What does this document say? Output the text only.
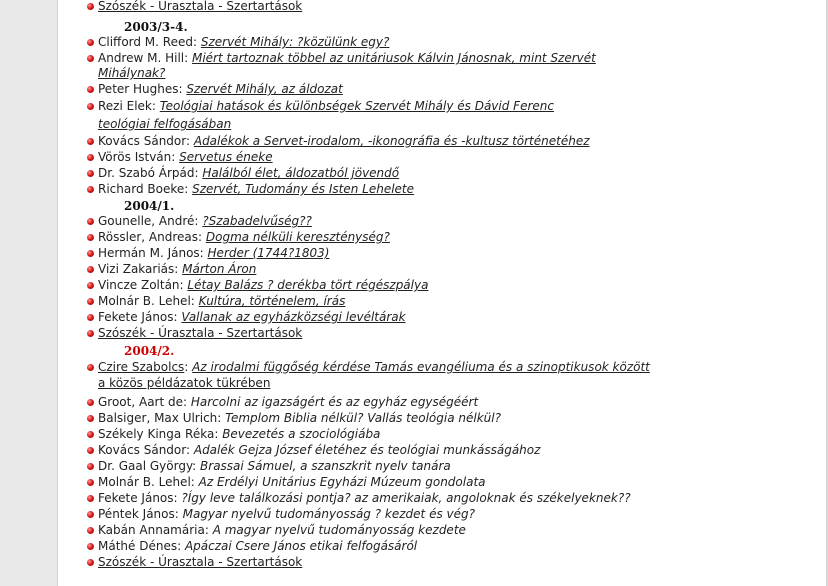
Szószék - Úrasztala - Szertartások
2003/3-4.
Clifford M. Reed: Szervét Mihály: ?közülünk egy?
Andrew M. Hill: Miért tartoznak többel az unitáriusok Kálvin Jánosnak, mint Szervét
Mihálynak?
Peter Hughes: Szervét Mihály, az áldozat
Rezi Elek: Teológiai hatások és különbségek Szervét Mihály és Dávid Ferenc
teológiai felfogásában
Kovács Sándor: Adalékok a Servet-irodalom, -ikonográfia és -kultusz történetéhez
Vörös István: Servetus éneke
Dr. Szabó Árpád: Halálból élet, áldozatból jövendő
Richard Boeke: Szervét, Tudomány és Isten Lehelete
2004/1.
Gounelle, André: ?Szabadelvűség??
Rössler, Andreas: Dogma nélküli kereszténység?
Hermán M. János: Herder (1744?1803)
Vizi Zakariás: Márton Áron
Vincze Zoltán: Létay Balázs ? derékba tört régészpálya
Molnár B. Lehel: Kultúra, történelem, írás
Fekete János: Vallanak az egyházközségi levéltárak
Szószék - Úrasztala - Szertartások
2004/2.
Czire Szabolcs: Az irodalmi függőség kérdése Tamás evangéliuma és a szinoptikusok között
a közös példázatok tükrében
Groot, Aart de: Harcolni az igazságért és az egyház egységéért
Balsiger, Max Ulrich: Templom Biblia nélkül? Vallás teológia nélkül?
Székely Kinga Réka: Bevezetés a szociológiába
Kovács Sándor: Adalék Gejza József életéhez és teológiai munkásságához
Dr. Gaal György: Brassai Sámuel, a szanszkrit nyelv tanára
Molnár B. Lehel: Az Erdélyi Unitárius Egyházi Múzeum gondolata
Fekete János: ?Így leve találkozási pontja? az amerikaiak, angoloknak és székelyeknek??
Péntek János: Magyar nyelvű tudományosság ? kezdet és vég?
Kabán Annamária: A magyar nyelvű tudományosság kezdete
Máthé Dénes: Apáczai Csere János etikai felfogásáról
Szószék - Úrasztala - Szertartások
